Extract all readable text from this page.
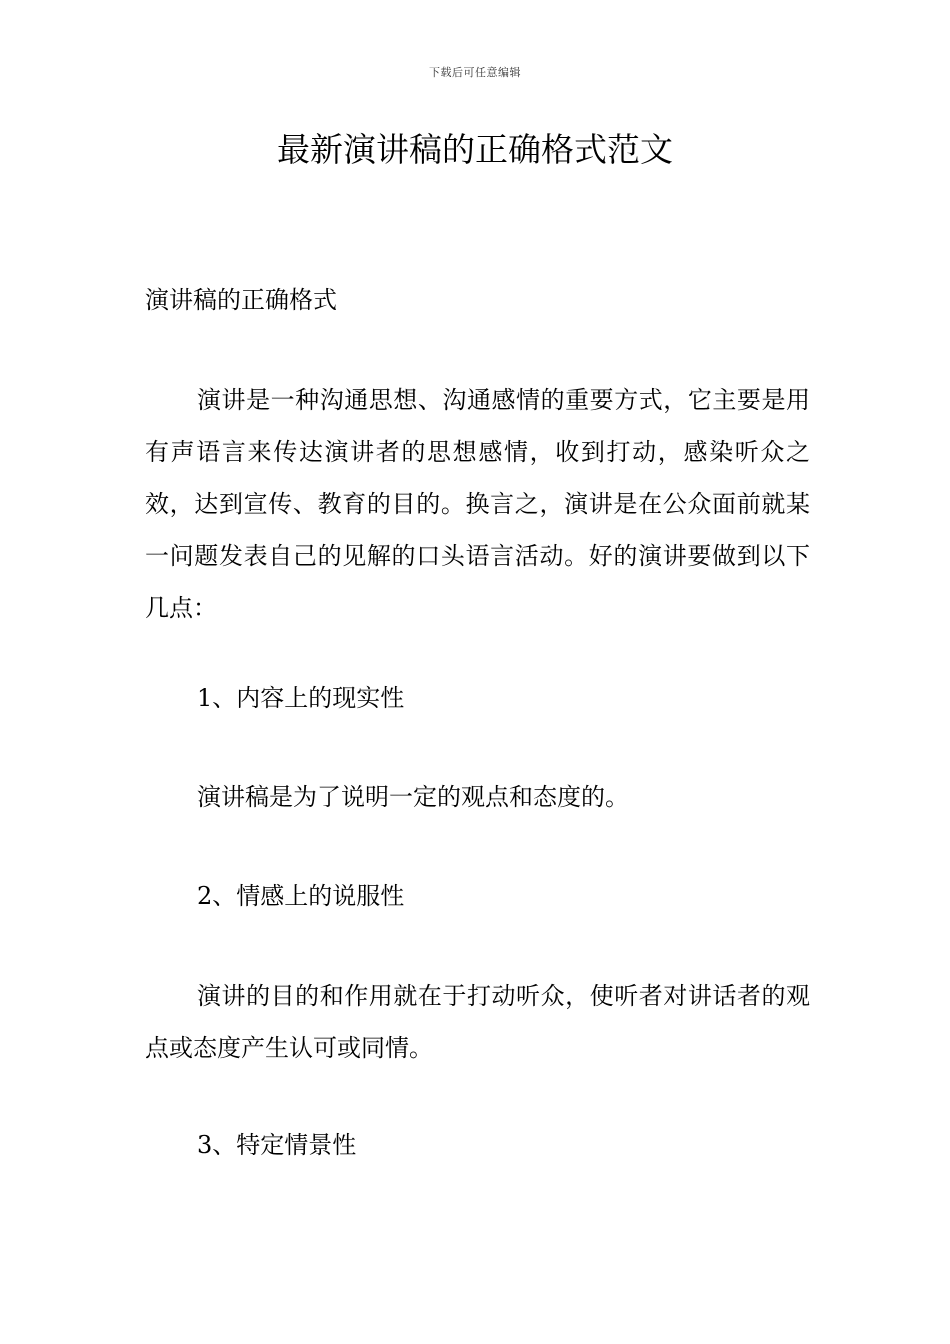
下载后可任意编辑
最新演讲稿的正确格式范文

演讲稿的正确格式

演讲是一种沟通思想、沟通感情的重要方式，它主要是用有声语言来传达演讲者的思想感情，收到打动，感染听众之效，达到宣传、教育的目的。换言之，演讲是在公众面前就某一问题发表自己的见解的口头语言活动。好的演讲要做到以下几点：

1、内容上的现实性

演讲稿是为了说明一定的观点和态度的。

2、情感上的说服性

演讲的目的和作用就在于打动听众，使听者对讲话者的观点或态度产生认可或同情。

3、特定情景性
